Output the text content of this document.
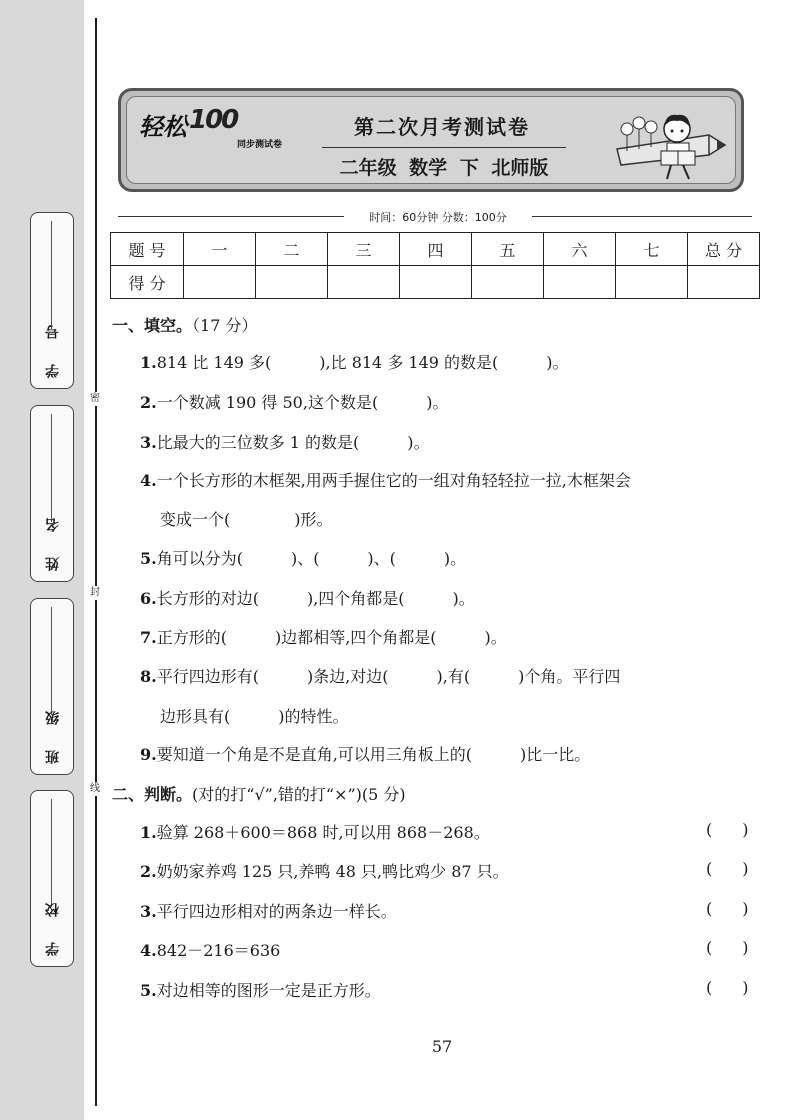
学 号
姓 名
班 级
学 校
密
封
线
轻松 100
同步测试卷
第二次月考测试卷
二年级 数学 下 北师版
时间：60分钟 分数：100分
题 号	一	二	三	四	五	六	七	总 分
得 分								
一、填空。（17 分）
1.814 比 149 多(　　　),比 814 多 149 的数是(　　　)。
2.一个数减 190 得 50,这个数是(　　　)。
3.比最大的三位数多 1 的数是(　　　)。
4.一个长方形的木框架,用两手握住它的一组对角轻轻拉一拉,木框架会
变成一个(　　　　)形。
5.角可以分为(　　　)、(　　　)、(　　　)。
6.长方形的对边(　　　),四个角都是(　　　)。
7.正方形的(　　　)边都相等,四个角都是(　　　)。
8.平行四边形有(　　　)条边,对边(　　　),有(　　　)个角。平行四
边形具有(　　　)的特性。
9.要知道一个角是不是直角,可以用三角板上的(　　　)比一比。
二、判断。(对的打“√”,错的打“×”)(5 分)
1.验算 268＋600＝868 时,可以用 868－268。	()
2.奶奶家养鸡 125 只,养鸭 48 只,鸭比鸡少 87 只。	()
3.平行四边形相对的两条边一样长。	()
4.842－216＝636	()
5.对边相等的图形一定是正方形。	()
57
